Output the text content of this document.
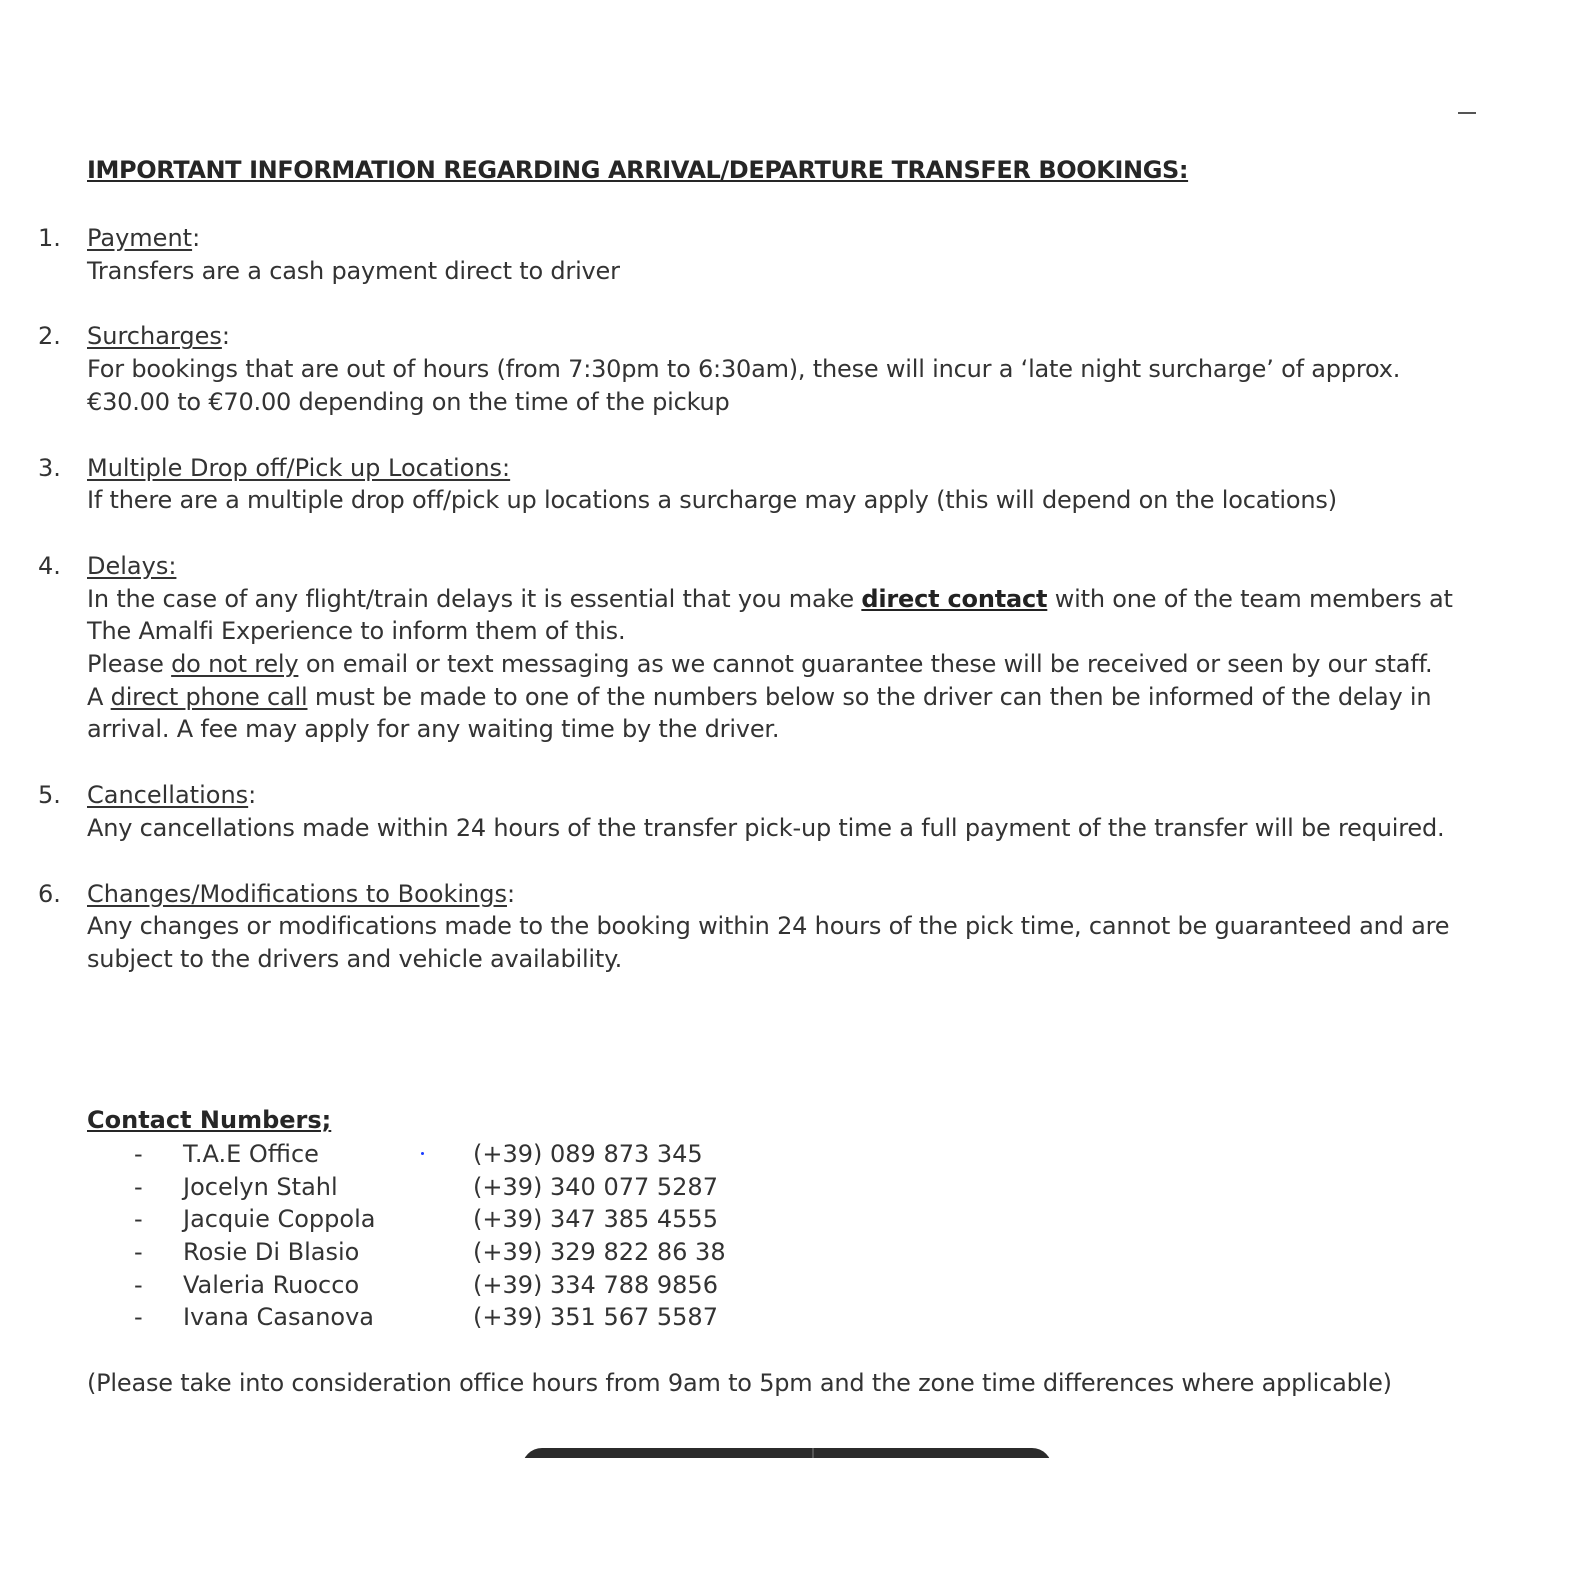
IMPORTANT INFORMATION REGARDING ARRIVAL/DEPARTURE TRANSFER BOOKINGS:
1. Payment:
Transfers are a cash payment direct to driver
2. Surcharges:
For bookings that are out of hours (from 7:30pm to 6:30am), these will incur a ‘late night surcharge’ of approx. €30.00 to €70.00 depending on the time of the pickup
3. Multiple Drop off/Pick up Locations:
If there are a multiple drop off/pick up locations a surcharge may apply (this will depend on the locations)
4. Delays:
In the case of any flight/train delays it is essential that you make direct contact with one of the team members at The Amalfi Experience to inform them of this.
Please do not rely on email or text messaging as we cannot guarantee these will be received or seen by our staff.
A direct phone call must be made to one of the numbers below so the driver can then be informed of the delay in arrival. A fee may apply for any waiting time by the driver.
5. Cancellations:
Any cancellations made within 24 hours of the transfer pick-up time a full payment of the transfer will be required.
6. Changes/Modifications to Bookings:
Any changes or modifications made to the booking within 24 hours of the pick time, cannot be guaranteed and are subject to the drivers and vehicle availability.
Contact Numbers;
- T.A.E Office	(+39) 089 873 345
- Jocelyn Stahl	(+39) 340 077 5287
- Jacquie Coppola	(+39) 347 385 4555
- Rosie Di Blasio	(+39) 329 822 86 38
- Valeria Ruocco	(+39) 334 788 9856
- Ivana Casanova	(+39) 351 567 5587
(Please take into consideration office hours from 9am to 5pm and the zone time differences where applicable)
